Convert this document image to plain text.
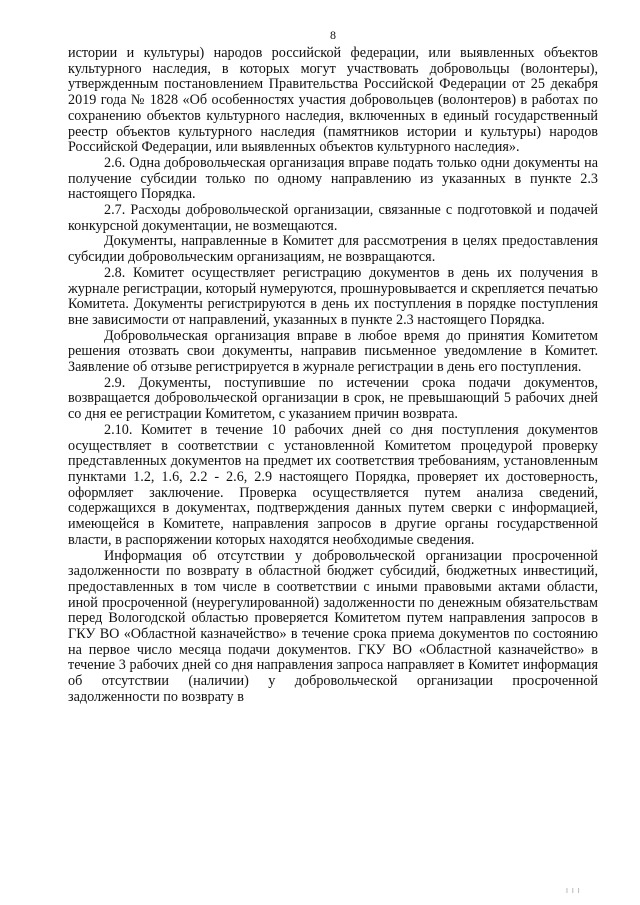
8

истории и культуры) народов российской федерации, или выявленных объектов культурного наследия, в которых могут участвовать добровольцы (волонтеры), утвержденным постановлением Правительства Российской Федерации от 25 декабря 2019 года № 1828 «Об особенностях участия добровольцев (волонтеров) в работах по сохранению объектов культурного наследия, включенных в единый государственный реестр объектов культурного наследия (памятников истории и культуры) народов Российской Федерации, или выявленных объектов культурного наследия».

2.6. Одна добровольческая организация вправе подать только одни документы на получение субсидии только по одному направлению из указанных в пункте 2.3 настоящего Порядка.

2.7. Расходы добровольческой организации, связанные с подготовкой и подачей конкурсной документации, не возмещаются.

Документы, направленные в Комитет для рассмотрения в целях предоставления субсидии добровольческим организациям, не возвращаются.

2.8. Комитет осуществляет регистрацию документов в день их получения в журнале регистрации, который нумеруются, прошнуровывается и скрепляется печатью Комитета. Документы регистрируются в день их поступления в порядке поступления вне зависимости от направлений, указанных в пункте 2.3 настоящего Порядка.

Добровольческая организация вправе в любое время до принятия Комитетом решения отозвать свои документы, направив письменное уведомление в Комитет. Заявление об отзыве регистрируется в журнале регистрации в день его поступления.

2.9. Документы, поступившие по истечении срока подачи документов, возвращается добровольческой организации в срок, не превышающий 5 рабочих дней со дня ее регистрации Комитетом, с указанием причин возврата.

2.10. Комитет в течение 10 рабочих дней со дня поступления документов осуществляет в соответствии с установленной Комитетом процедурой проверку представленных документов на предмет их соответствия требованиям, установленным пунктами 1.2, 1.6, 2.2 - 2.6, 2.9 настоящего Порядка, проверяет их достоверность, оформляет заключение. Проверка осуществляется путем анализа сведений, содержащихся в документах, подтверждения данных путем сверки с информацией, имеющейся в Комитете, направления запросов в другие органы государственной власти, в распоряжении которых находятся необходимые сведения.

Информация об отсутствии у добровольческой организации просроченной задолженности по возврату в областной бюджет субсидий, бюджетных инвестиций, предоставленных в том числе в соответствии с иными правовыми актами области, иной просроченной (неурегулированной) задолженности по денежным обязательствам перед Вологодской областью проверяется Комитетом путем направления запросов в ГКУ ВО «Областной казначейство» в течение срока приема документов по состоянию на первое число месяца подачи документов. ГКУ ВО «Областной казначейство» в течение 3 рабочих дней со дня направления запроса направляет в Комитет информация об отсутствии (наличии) у добровольческой организации просроченной задолженности по возврату в

I I I
